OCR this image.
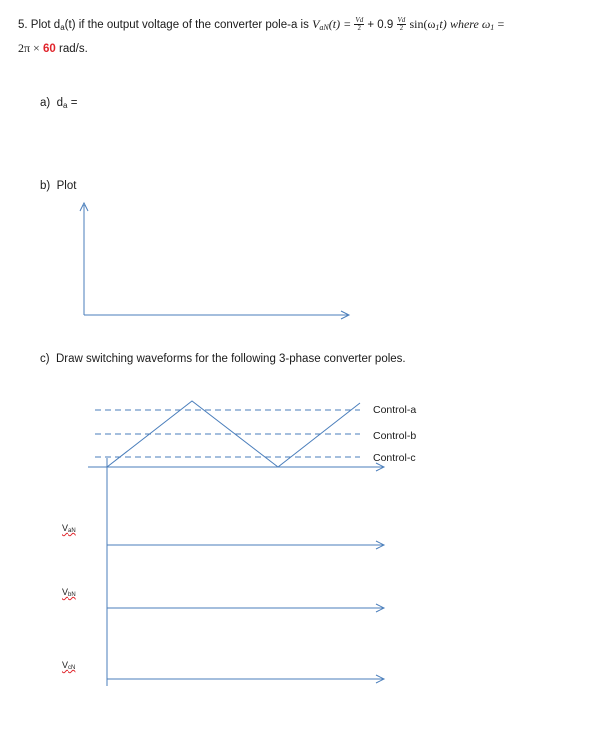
5. Plot $d_a(t)$ if the output voltage of the converter pole-a is $V_{aN}(t) = \frac{Vd}{2} + 0.9 \frac{Vd}{2} \sin(\omega_1t)$ where $\omega_1$ =
2π × 60 rad/s.
a) $d_a$ =
b) Plot
c) Draw switching waveforms for the following 3-phase converter poles.
Control-a
Control-b
Control-c
VaN
VbN
VcN
